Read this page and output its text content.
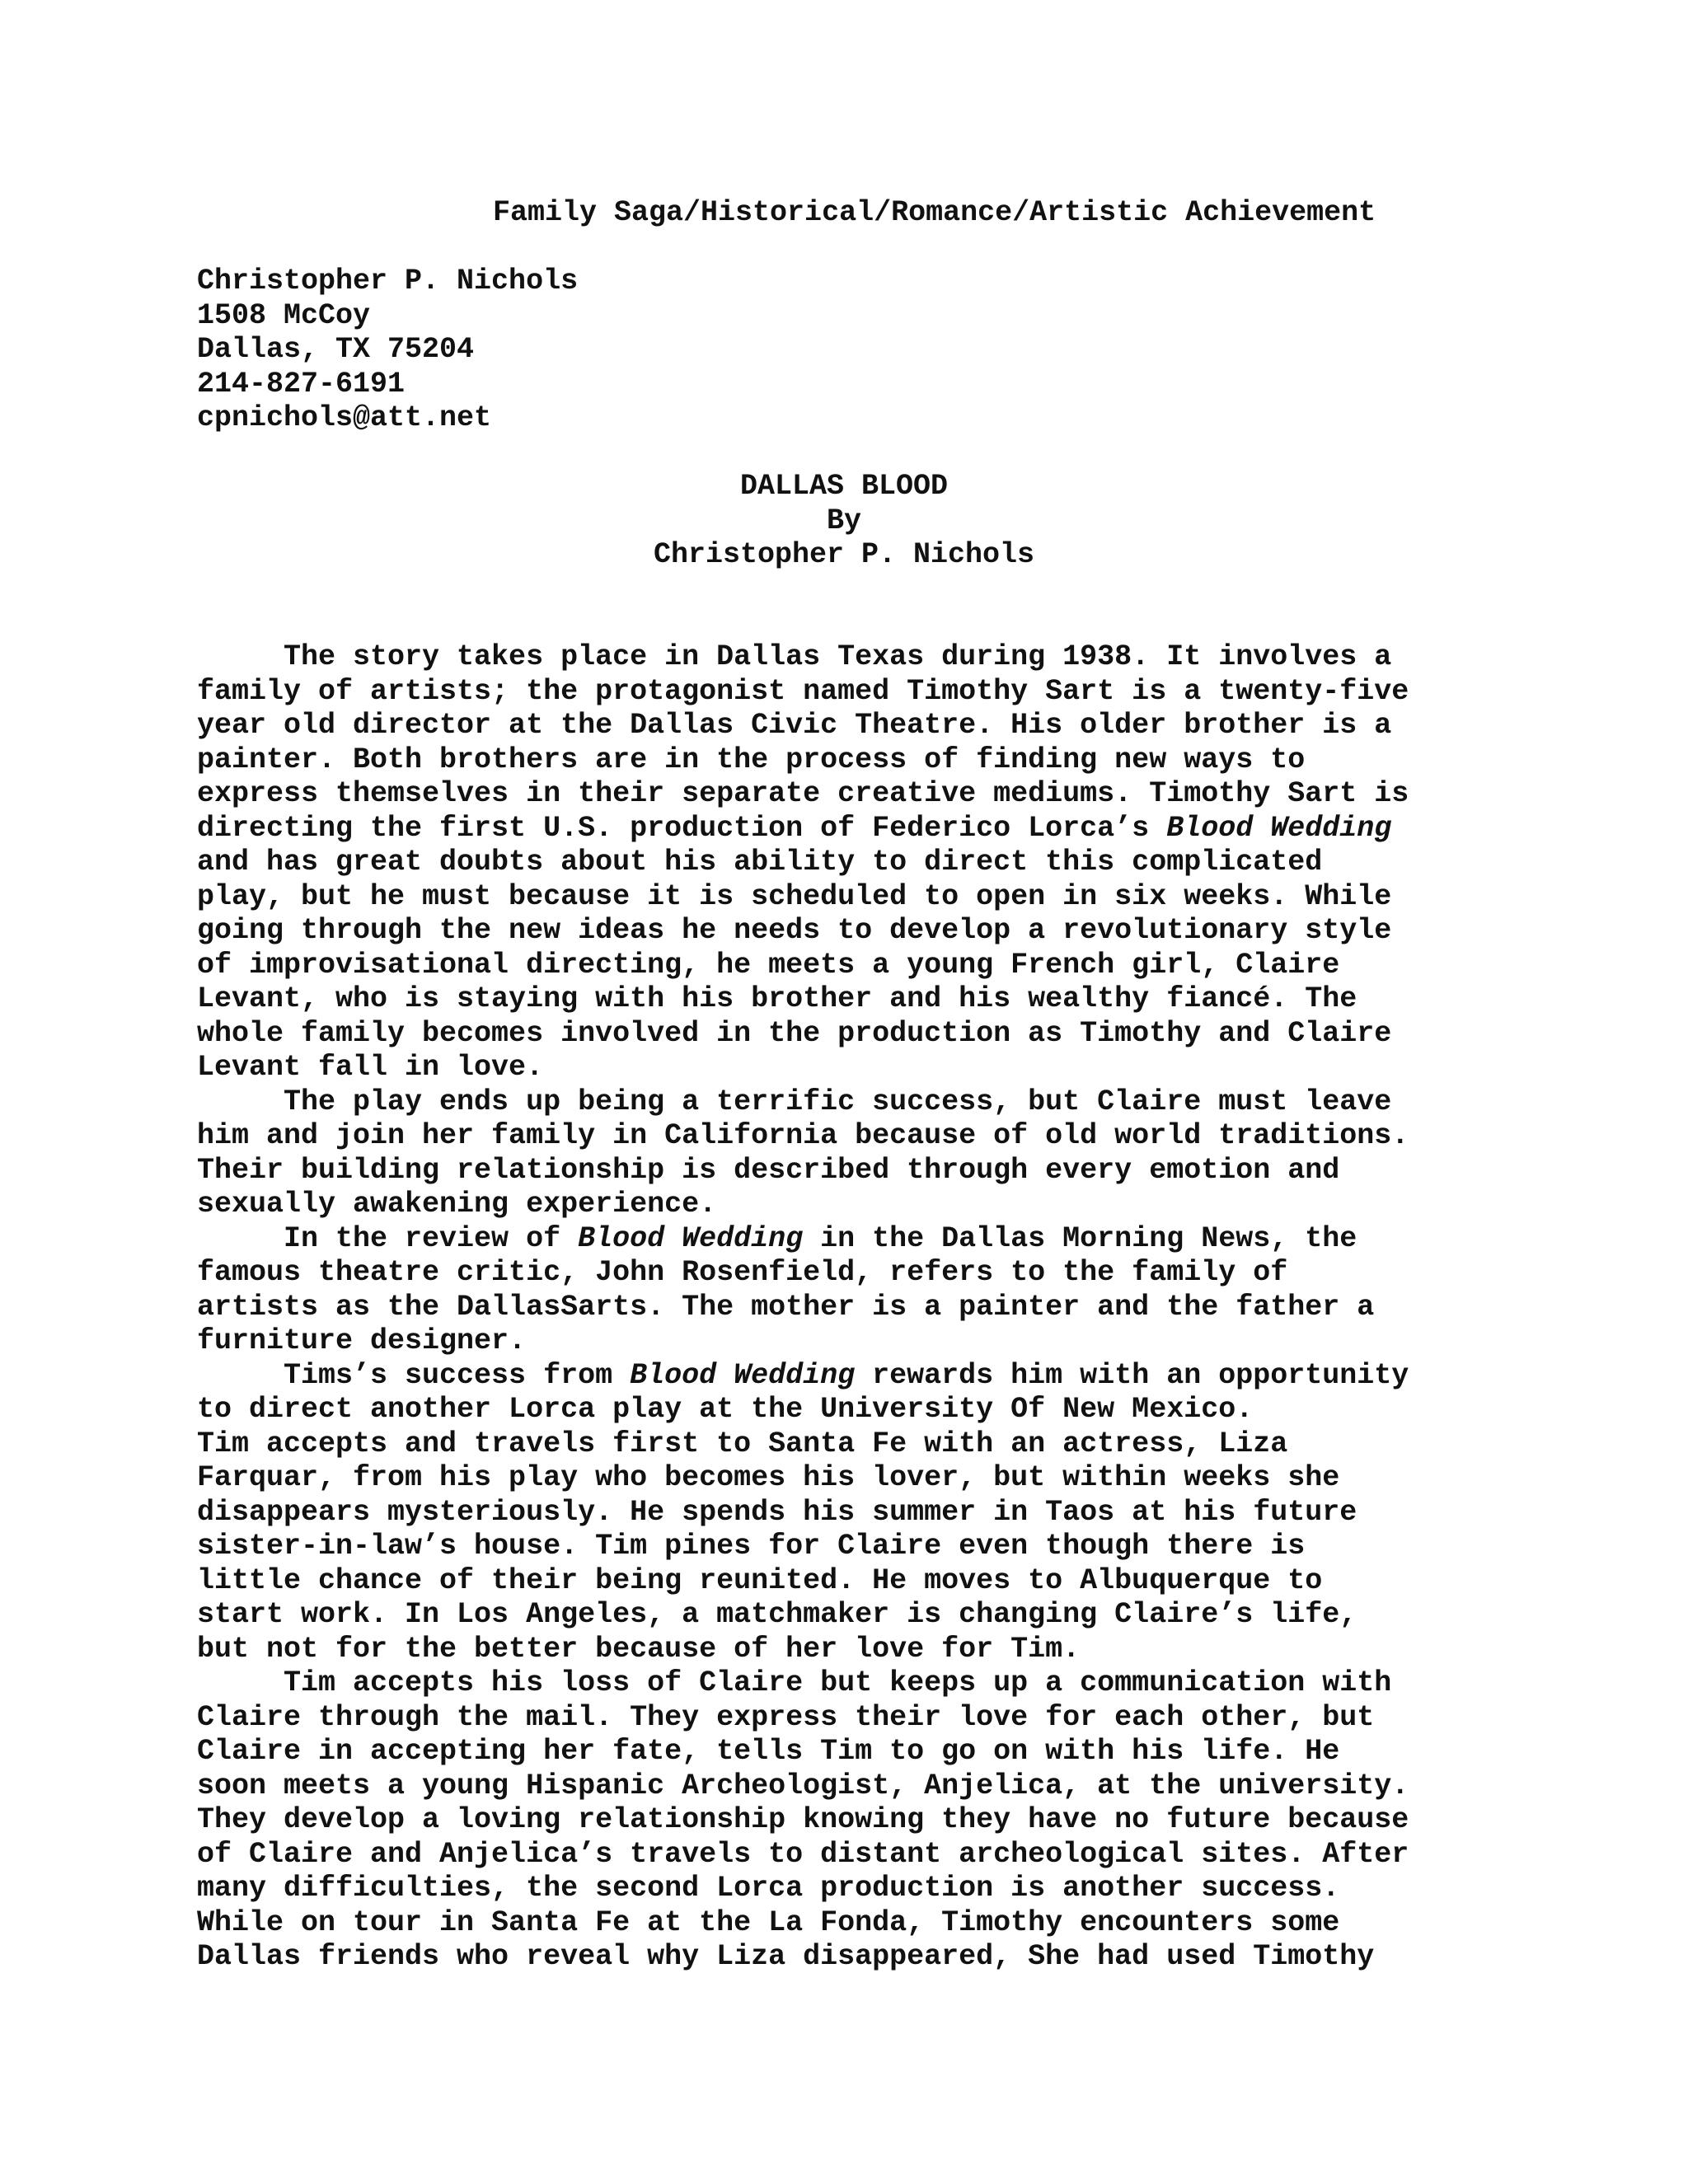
Family Saga/Historical/Romance/Artistic Achievement
Christopher P. Nichols
1508 McCoy
Dallas, TX 75204
214-827-6191
cpnichols@att.net
DALLAS BLOOD
By
Christopher P. Nichols
The story takes place in Dallas Texas during 1938. It involves a
family of artists; the protagonist named Timothy Sart is a twenty-five
year old director at the Dallas Civic Theatre. His older brother is a
painter. Both brothers are in the process of finding new ways to
express themselves in their separate creative mediums. Timothy Sart is
directing the first U.S. production of Federico Lorca’s Blood Wedding
and has great doubts about his ability to direct this complicated
play, but he must because it is scheduled to open in six weeks. While
going through the new ideas he needs to develop a revolutionary style
of improvisational directing, he meets a young French girl, Claire
Levant, who is staying with his brother and his wealthy fiancé. The
whole family becomes involved in the production as Timothy and Claire
Levant fall in love.
The play ends up being a terrific success, but Claire must leave
him and join her family in California because of old world traditions.
Their building relationship is described through every emotion and
sexually awakening experience.
In the review of Blood Wedding in the Dallas Morning News, the
famous theatre critic, John Rosenfield, refers to the family of
artists as the DallasSarts. The mother is a painter and the father a
furniture designer.
Tims’s success from Blood Wedding rewards him with an opportunity
to direct another Lorca play at the University Of New Mexico.
Tim accepts and travels first to Santa Fe with an actress, Liza
Farquar, from his play who becomes his lover, but within weeks she
disappears mysteriously. He spends his summer in Taos at his future
sister-in-law’s house. Tim pines for Claire even though there is
little chance of their being reunited. He moves to Albuquerque to
start work. In Los Angeles, a matchmaker is changing Claire’s life,
but not for the better because of her love for Tim.
Tim accepts his loss of Claire but keeps up a communication with
Claire through the mail. They express their love for each other, but
Claire in accepting her fate, tells Tim to go on with his life. He
soon meets a young Hispanic Archeologist, Anjelica, at the university.
They develop a loving relationship knowing they have no future because
of Claire and Anjelica’s travels to distant archeological sites. After
many difficulties, the second Lorca production is another success.
While on tour in Santa Fe at the La Fonda, Timothy encounters some
Dallas friends who reveal why Liza disappeared, She had used Timothy
